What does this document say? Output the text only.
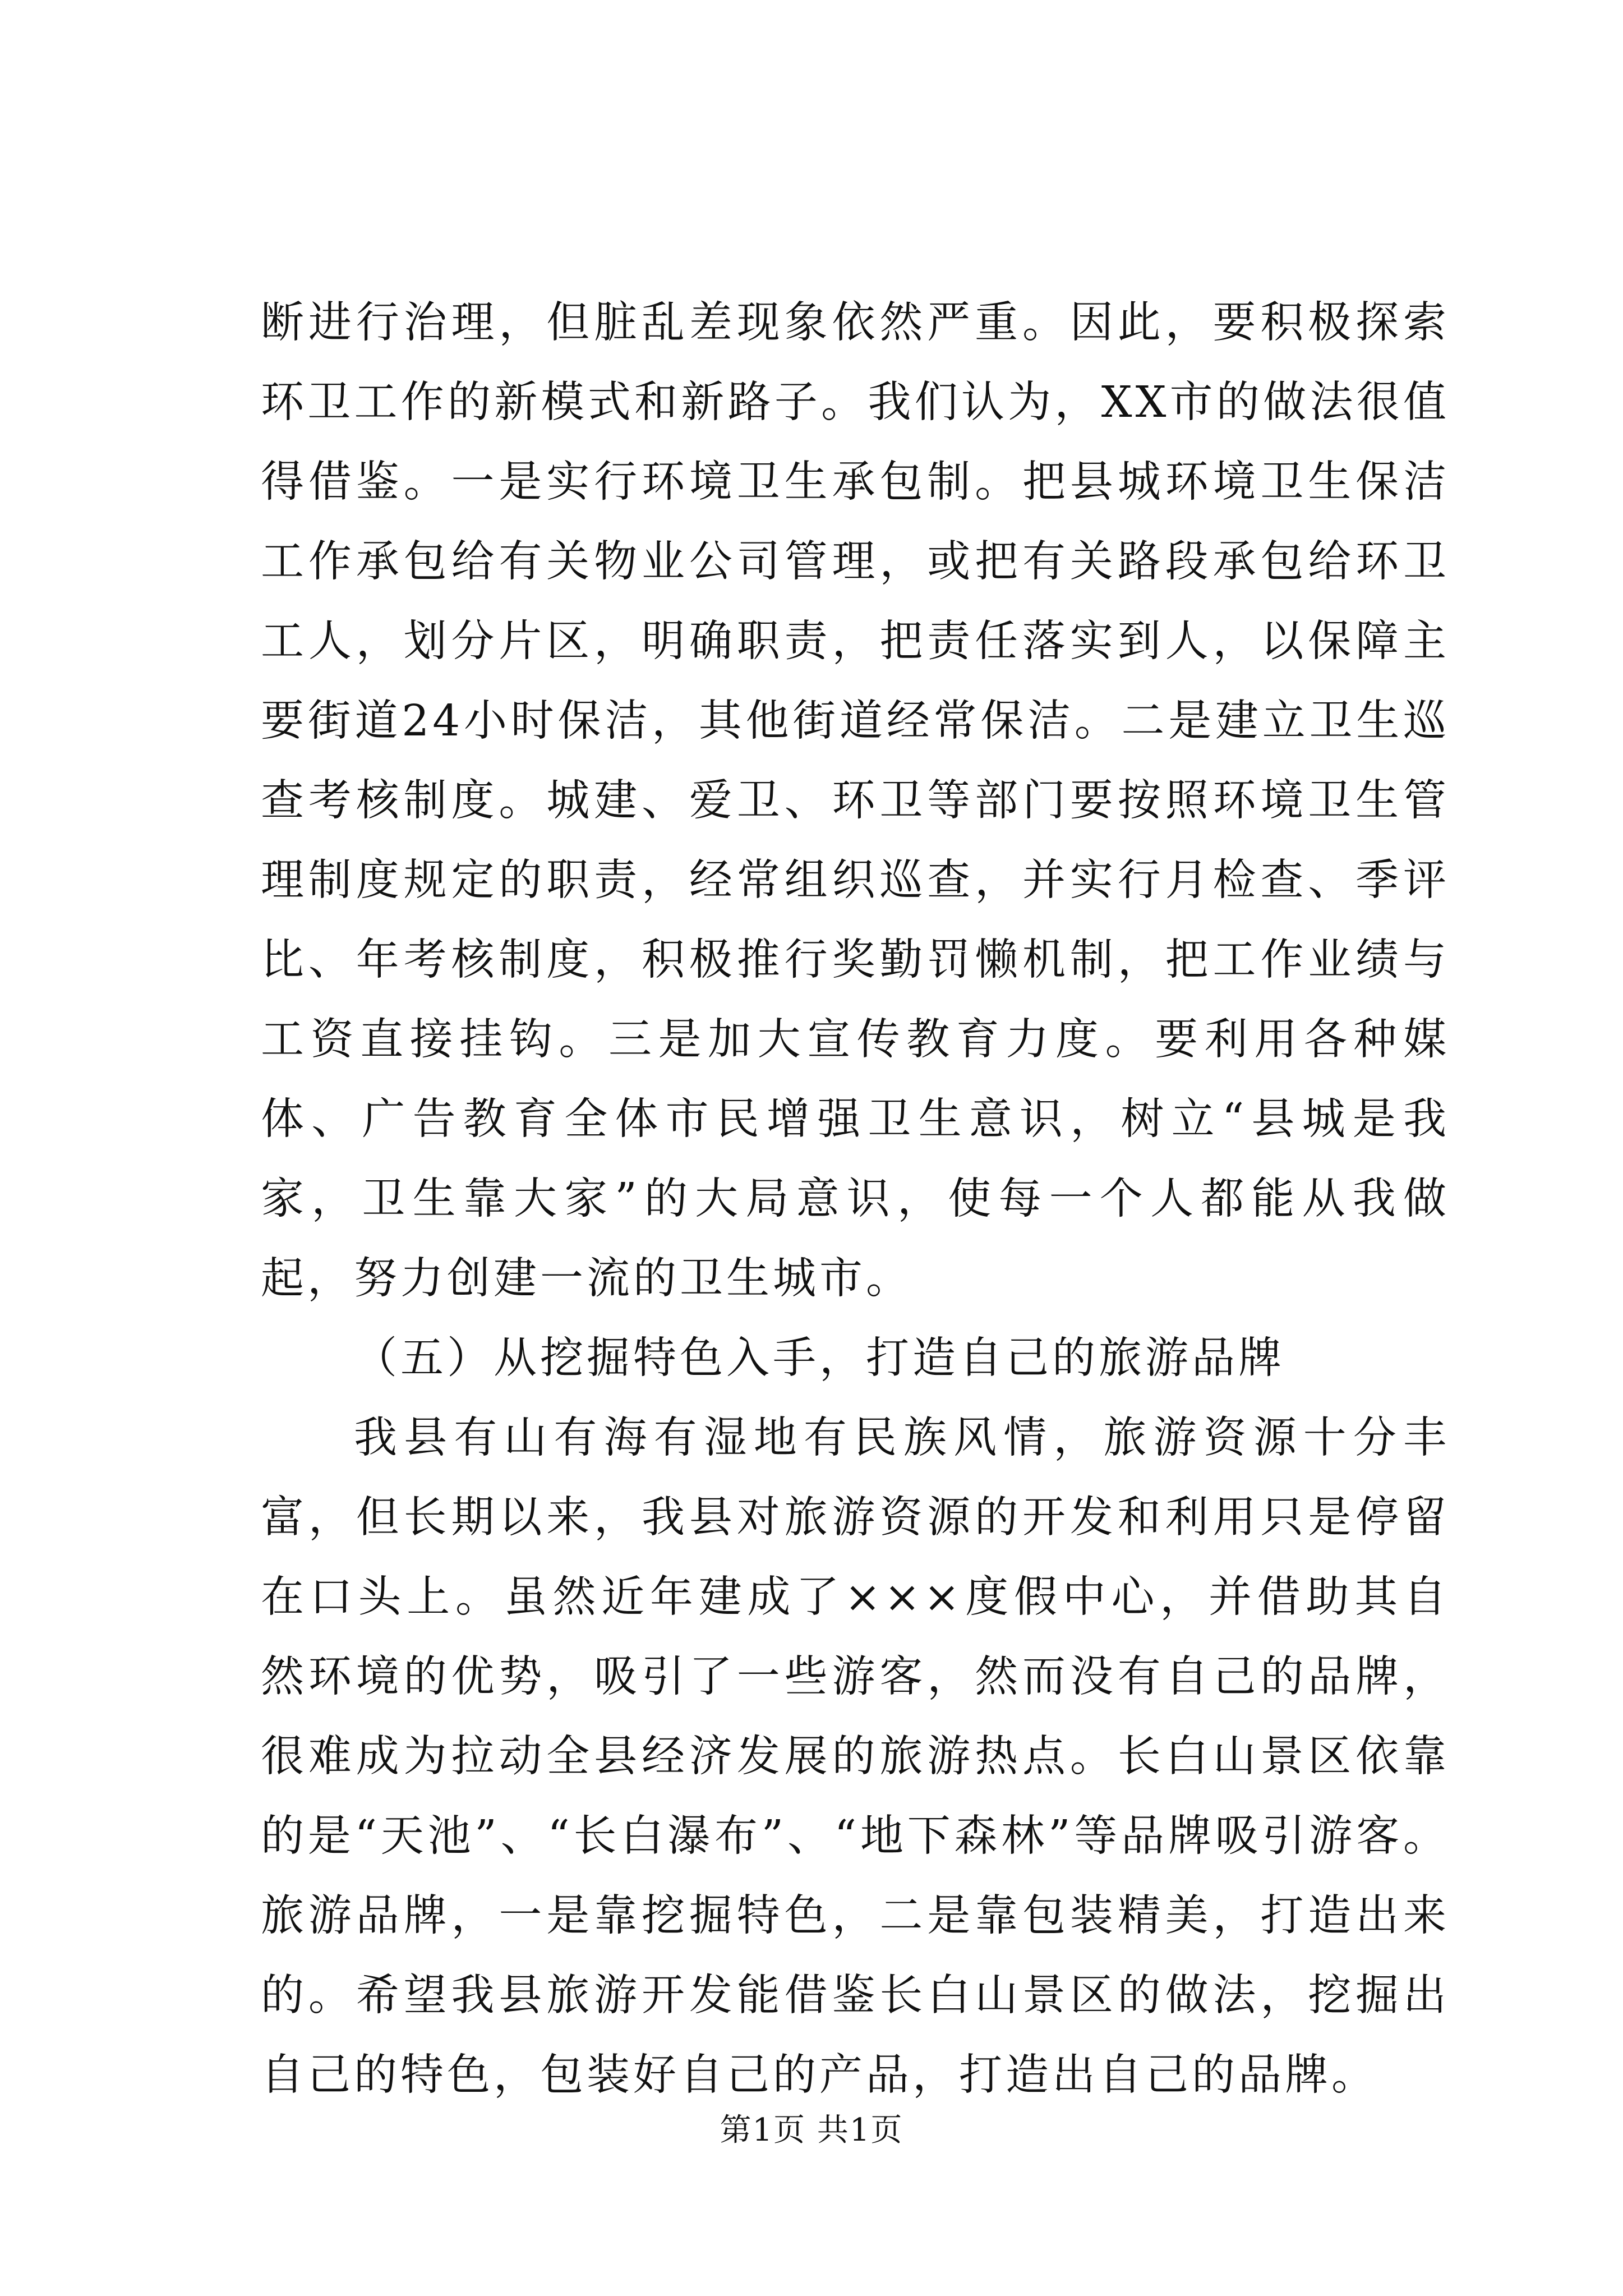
断进行治理，但脏乱差现象依然严重。因此，要积极探索环卫工作的新模式和新路子。我们认为，XX市的做法很值得借鉴。一是实行环境卫生承包制。把县城环境卫生保洁工作承包给有关物业公司管理，或把有关路段承包给环卫工人，划分片区，明确职责，把责任落实到人，以保障主要街道24小时保洁，其他街道经常保洁。二是建立卫生巡查考核制度。城建、爱卫、环卫等部门要按照环境卫生管理制度规定的职责，经常组织巡查，并实行月检查、季评比、年考核制度，积极推行奖勤罚懒机制，把工作业绩与工资直接挂钩。三是加大宣传教育力度。要利用各种媒体、广告教育全体市民增强卫生意识，树立“县城是我家，卫生靠大家”的大局意识，使每一个人都能从我做起，努力创建一流的卫生城市。

（五）从挖掘特色入手，打造自己的旅游品牌

我县有山有海有湿地有民族风情，旅游资源十分丰富，但长期以来，我县对旅游资源的开发和利用只是停留在口头上。虽然近年建成了×××度假中心，并借助其自然环境的优势，吸引了一些游客，然而没有自己的品牌，很难成为拉动全县经济发展的旅游热点。长白山景区依靠的是“天池”、“长白瀑布”、“地下森林”等品牌吸引游客。旅游品牌，一是靠挖掘特色，二是靠包装精美，打造出来的。希望我县旅游开发能借鉴长白山景区的做法，挖掘出自己的特色，包装好自己的产品，打造出自己的品牌。

第1页 共1页
